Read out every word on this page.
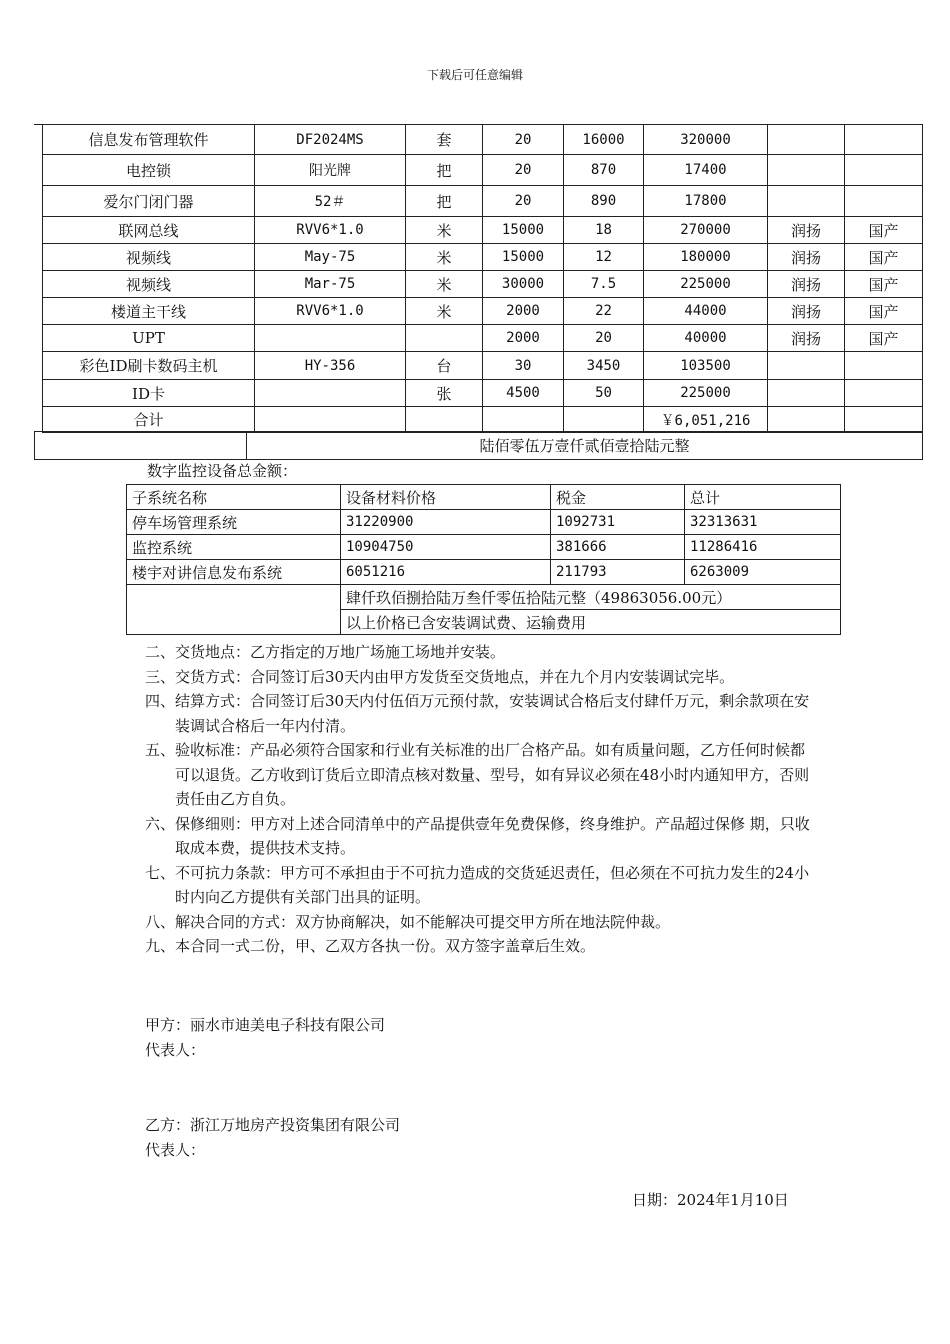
下载后可任意编辑
信息发布管理软件	DF2024MS	套	20	16000	320000		
电控锁	阳光牌	把	20	870	17400		
爱尔门闭门器	52＃	把	20	890	17800		
联网总线	RVV6*1.0	米	15000	18	270000	润扬	国产
视频线	May-75	米	15000	12	180000	润扬	国产
视频线	Mar-75	米	30000	7.5	225000	润扬	国产
楼道主干线	RVV6*1.0	米	2000	22	44000	润扬	国产
UPT			2000	20	40000	润扬	国产
彩色ID刷卡数码主机	HY-356	台	30	3450	103500		
ID卡		张	4500	50	225000		
合计					￥6,051,216		
	陆佰零伍万壹仟贰佰壹拾陆元整
数字监控设备总金额：
子系统名称	设备材料价格	税金	总计
停车场管理系统	31220900	1092731	32313631
监控系统	10904750	381666	11286416
楼宇对讲信息发布系统	6051216	211793	6263009
	肆仟玖佰捌拾陆万叁仟零伍拾陆元整（49863056.00元）		
	以上价格已含安装调试费、运输费用		

二、交货地点：乙方指定的万地广场施工场地并安装。

三、交货方式：合同签订后30天内由甲方发货至交货地点，并在九个月内安装调试完毕。

四、结算方式：合同签订后30天内付伍佰万元预付款，安装调试合格后支付肆仟万元，剩余款项在安装调试合格后一年内付清。

五、验收标准：产品必须符合国家和行业有关标准的出厂合格产品。如有质量问题，乙方任何时候都可以退货。乙方收到订货后立即清点核对数量、型号，如有异议必须在48小时内通知甲方，否则责任由乙方自负。

六、保修细则：甲方对上述合同清单中的产品提供壹年免费保修，终身维护。产品超过保修 期，只收取成本费，提供技术支持。

七、不可抗力条款：甲方可不承担由于不可抗力造成的交货延迟责任，但必须在不可抗力发生的24小时内向乙方提供有关部门出具的证明。

八、解决合同的方式：双方协商解决，如不能解决可提交甲方所在地法院仲裁。

九、本合同一式二份，甲、乙双方各执一份。双方签字盖章后生效。

甲方：丽水市迪美电子科技有限公司
代表人：
乙方：浙江万地房产投资集团有限公司
代表人：
日期：2024年1月10日
